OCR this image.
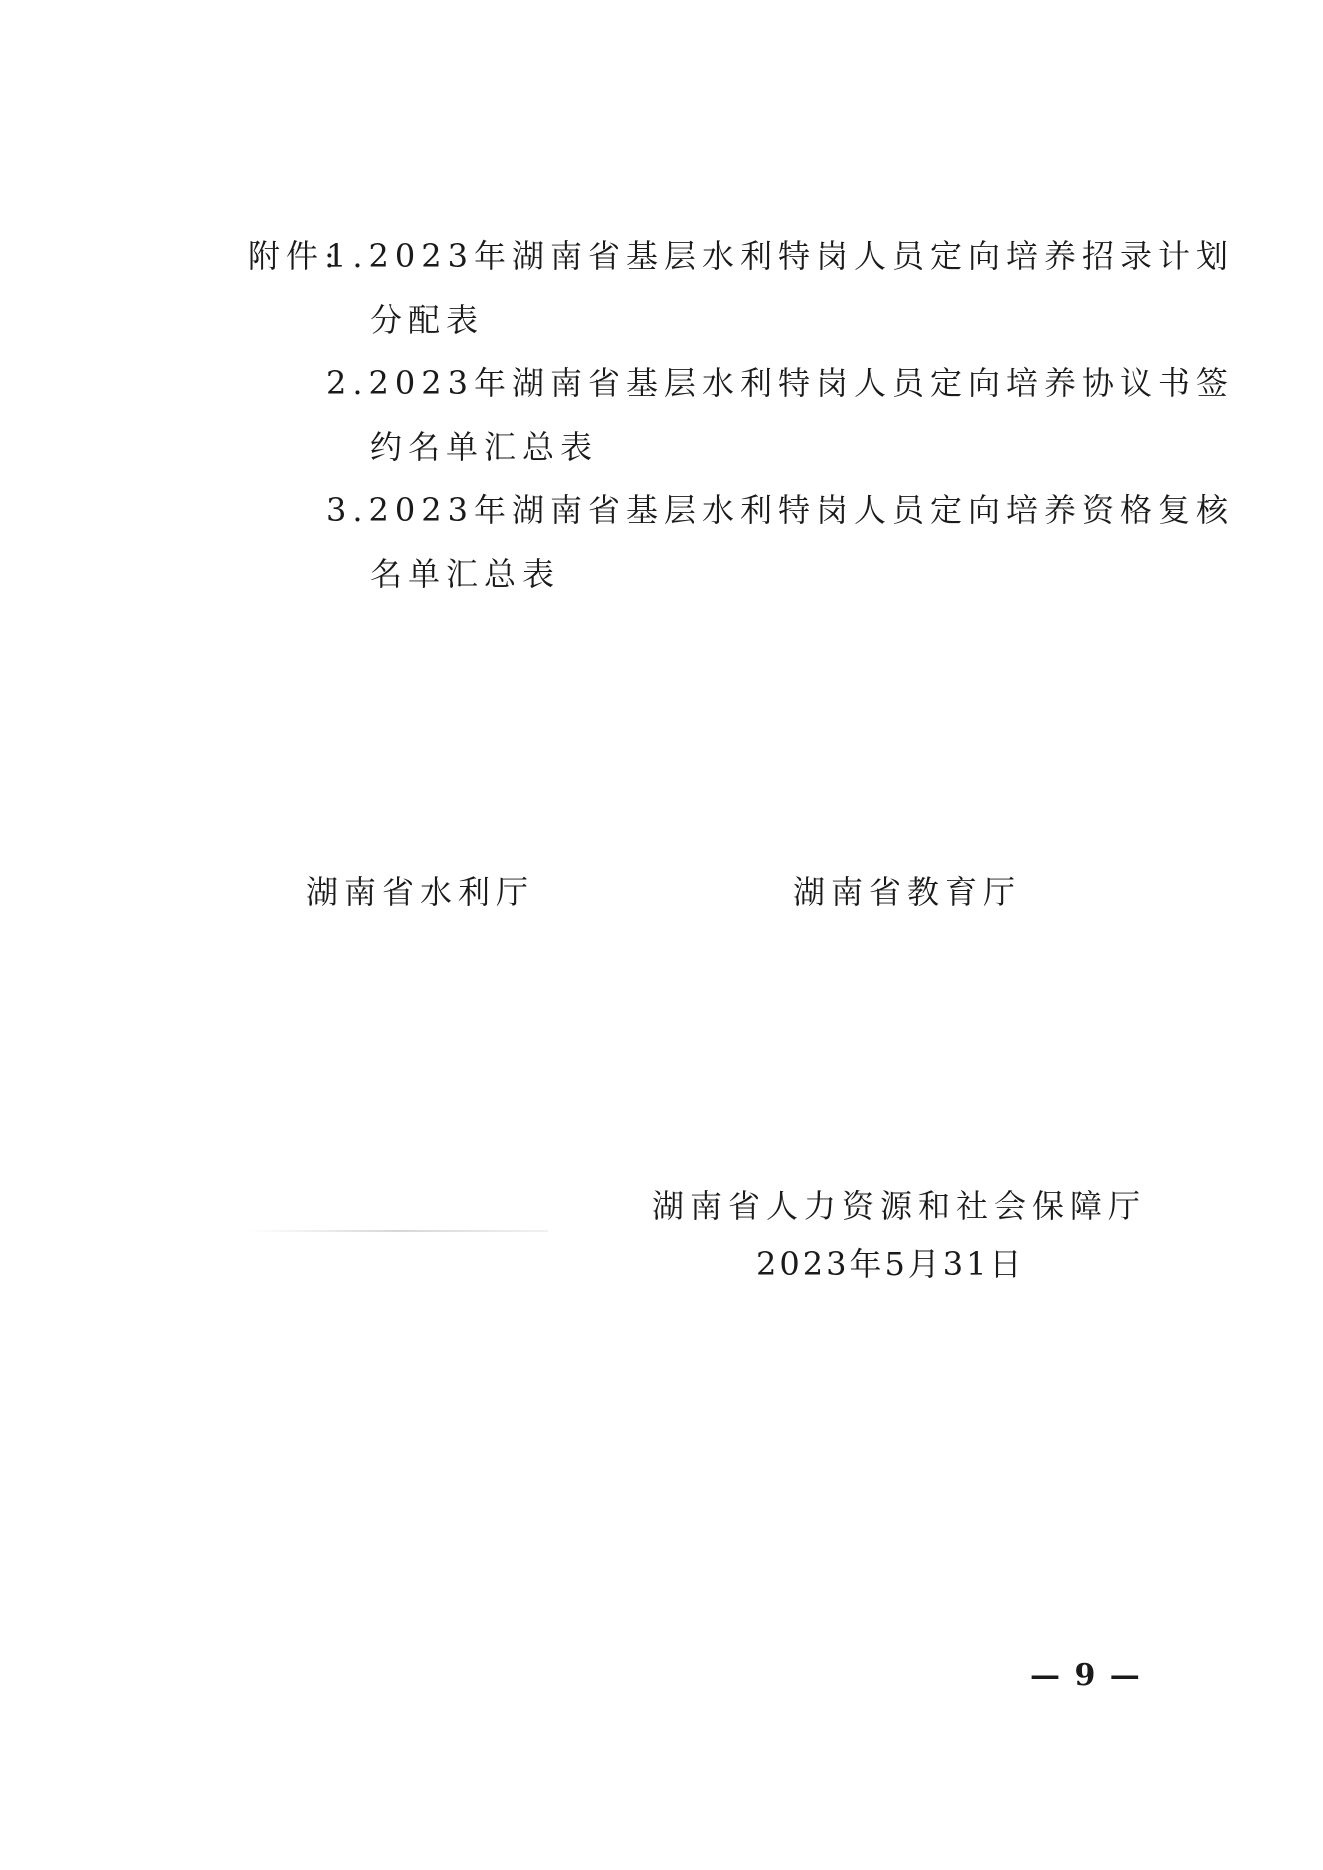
附件:
1.2023年湖南省基层水利特岗人员定向培养招录计划
分配表
2.2023年湖南省基层水利特岗人员定向培养协议书签
约名单汇总表
3.2023年湖南省基层水利特岗人员定向培养资格复核
名单汇总表
湖南省水利厅	湖南省教育厅
湖南省人力资源和社会保障厅
2023年5月31日
— 9 —
